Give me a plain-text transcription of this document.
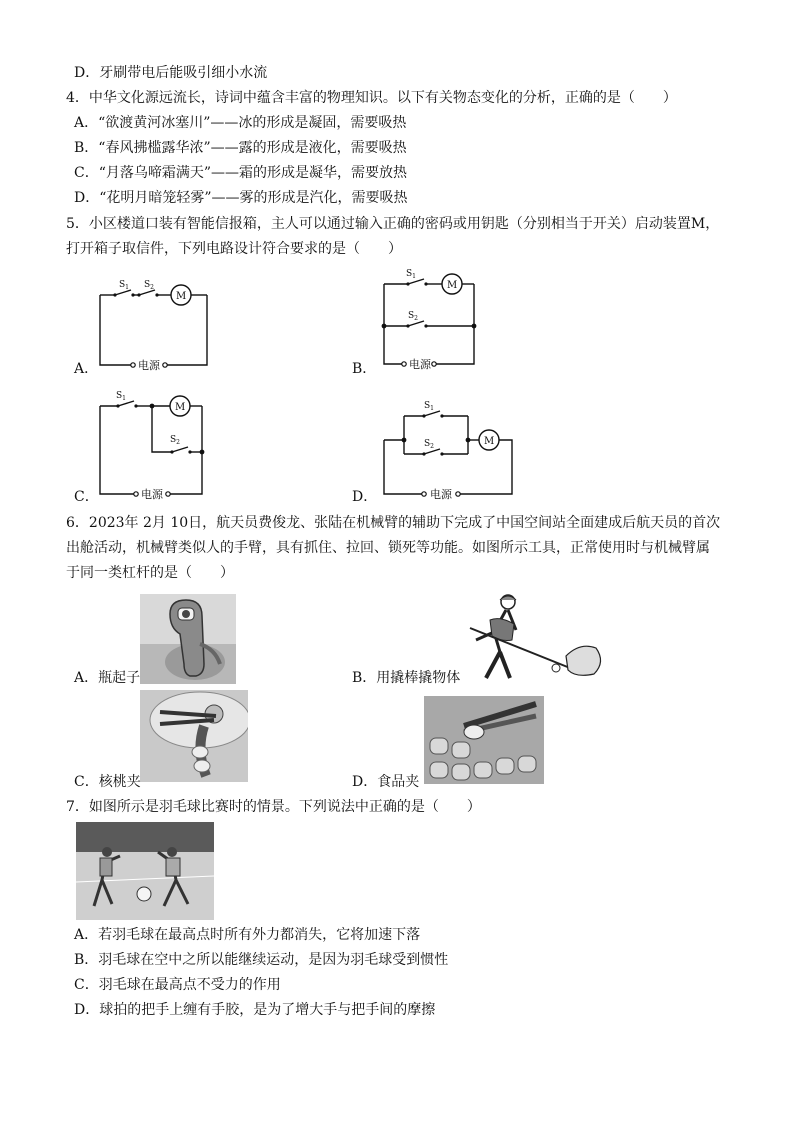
D．牙刷带电后能吸引细小水流
4．中华文化源远流长，诗词中蕴含丰富的物理知识。以下有关物态变化的分析，正确的是（　　）
A．“欲渡黄河冰塞川”——冰的形成是凝固，需要吸热
B．“春风拂槛露华浓”——露的形成是液化，需要吸热
C．“月落乌啼霜满天”——霜的形成是凝华，需要放热
D．“花明月暗笼轻雾”——雾的形成是汽化，需要吸热
5．小区楼道口装有智能信报箱，主人可以通过输入正确的密码或用钥匙（分别相当于开关）启动装置M，
打开箱子取信件，下列电路设计符合要求的是（　　）
A．
$S_1$ $S_2$
M
电源	B．
$S_1$
$S_2$
M
电源
C．
$S_1$
$S_2$
M
电源	D．
$S_1$
$S_2$	M
电源
6．2023年 2月 10日，航天员费俊龙、张陆在机械臂的辅助下完成了中国空间站全面建成后航天员的首次
出舱活动，机械臂类似人的手臂，具有抓住、拉回、锁死等功能。如图所示工具，正常使用时与机械臂属
于同一类杠杆的是（　　）
A．瓶起子	B．用撬棒撬物体
C．核桃夹	D．食品夹
7．如图所示是羽毛球比赛时的情景。下列说法中正确的是（　　）
A．若羽毛球在最高点时所有外力都消失，它将加速下落
B．羽毛球在空中之所以能继续运动，是因为羽毛球受到惯性
C．羽毛球在最高点不受力的作用
D．球拍的把手上缠有手胶，是为了增大手与把手间的摩擦
